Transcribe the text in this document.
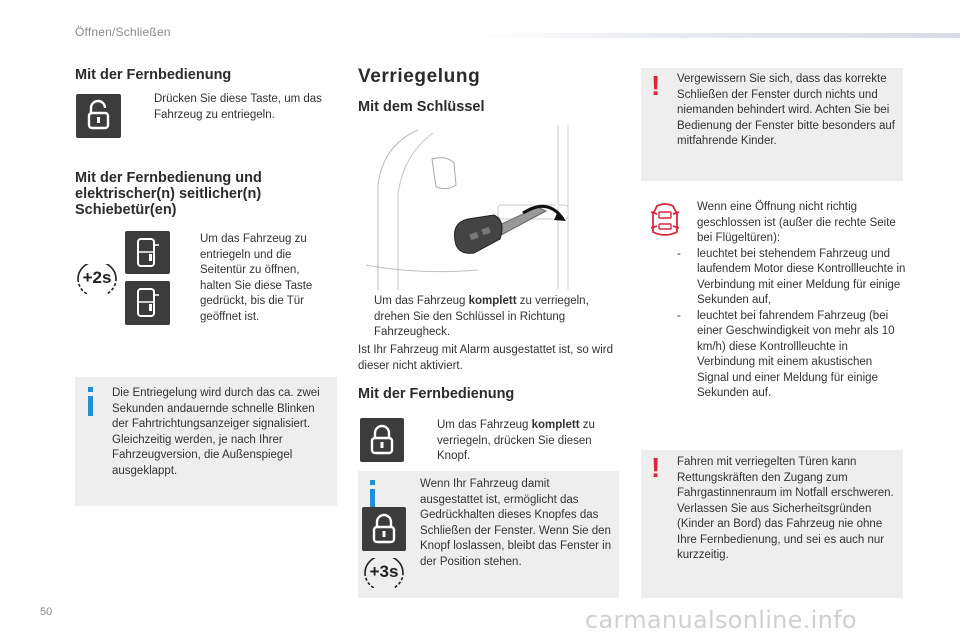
Öffnen/Schließen
Mit der Fernbedienung
Drücken Sie diese Taste, um das Fahrzeug zu entriegeln.
Mit der Fernbedienung und elektrischer(n) seitlicher(n) Schiebetür(en)
+2s
Um das Fahrzeug zu entriegeln und die Seitentür zu öffnen, halten Sie diese Taste gedrückt, bis die Tür geöffnet ist.
Die Entriegelung wird durch das ca. zwei Sekunden andauernde schnelle Blinken der Fahrtrichtungsanzeiger signalisiert.
Gleichzeitig werden, je nach Ihrer Fahrzeugversion, die Außenspiegel ausgeklappt.
Verriegelung
Mit dem Schlüssel
Um das Fahrzeug komplett zu verriegeln, drehen Sie den Schlüssel in Richtung Fahrzeugheck.
Ist Ihr Fahrzeug mit Alarm ausgestattet ist, so wird dieser nicht aktiviert.
Mit der Fernbedienung
Um das Fahrzeug komplett zu verriegeln, drücken Sie diesen Knopf.
+3s
Wenn Ihr Fahrzeug damit ausgestattet ist, ermöglicht das Gedrückhalten dieses Knopfes das Schließen der Fenster. Wenn Sie den Knopf loslassen, bleibt das Fenster in der Position stehen.
! Vergewissern Sie sich, dass das korrekte Schließen der Fenster durch nichts und niemanden behindert wird. Achten Sie bei Bedienung der Fenster bitte besonders auf mitfahrende Kinder.
Wenn eine Öffnung nicht richtig geschlossen ist (außer die rechte Seite bei Flügeltüren):
-	leuchtet bei stehendem Fahrzeug und laufendem Motor diese Kontrollleuchte in Verbindung mit einer Meldung für einige Sekunden auf,
-	leuchtet bei fahrendem Fahrzeug (bei einer Geschwindigkeit von mehr als 10 km/h) diese Kontrollleuchte in Verbindung mit einem akustischen Signal und einer Meldung für einige Sekunden auf.
! Fahren mit verriegelten Türen kann Rettungskräften den Zugang zum Fahrgastinnenraum im Notfall erschweren.
Verlassen Sie aus Sicherheitsgründen (Kinder an Bord) das Fahrzeug nie ohne Ihre Fernbedienung, und sei es auch nur kurzzeitig.
50	carmanualsonline.info
